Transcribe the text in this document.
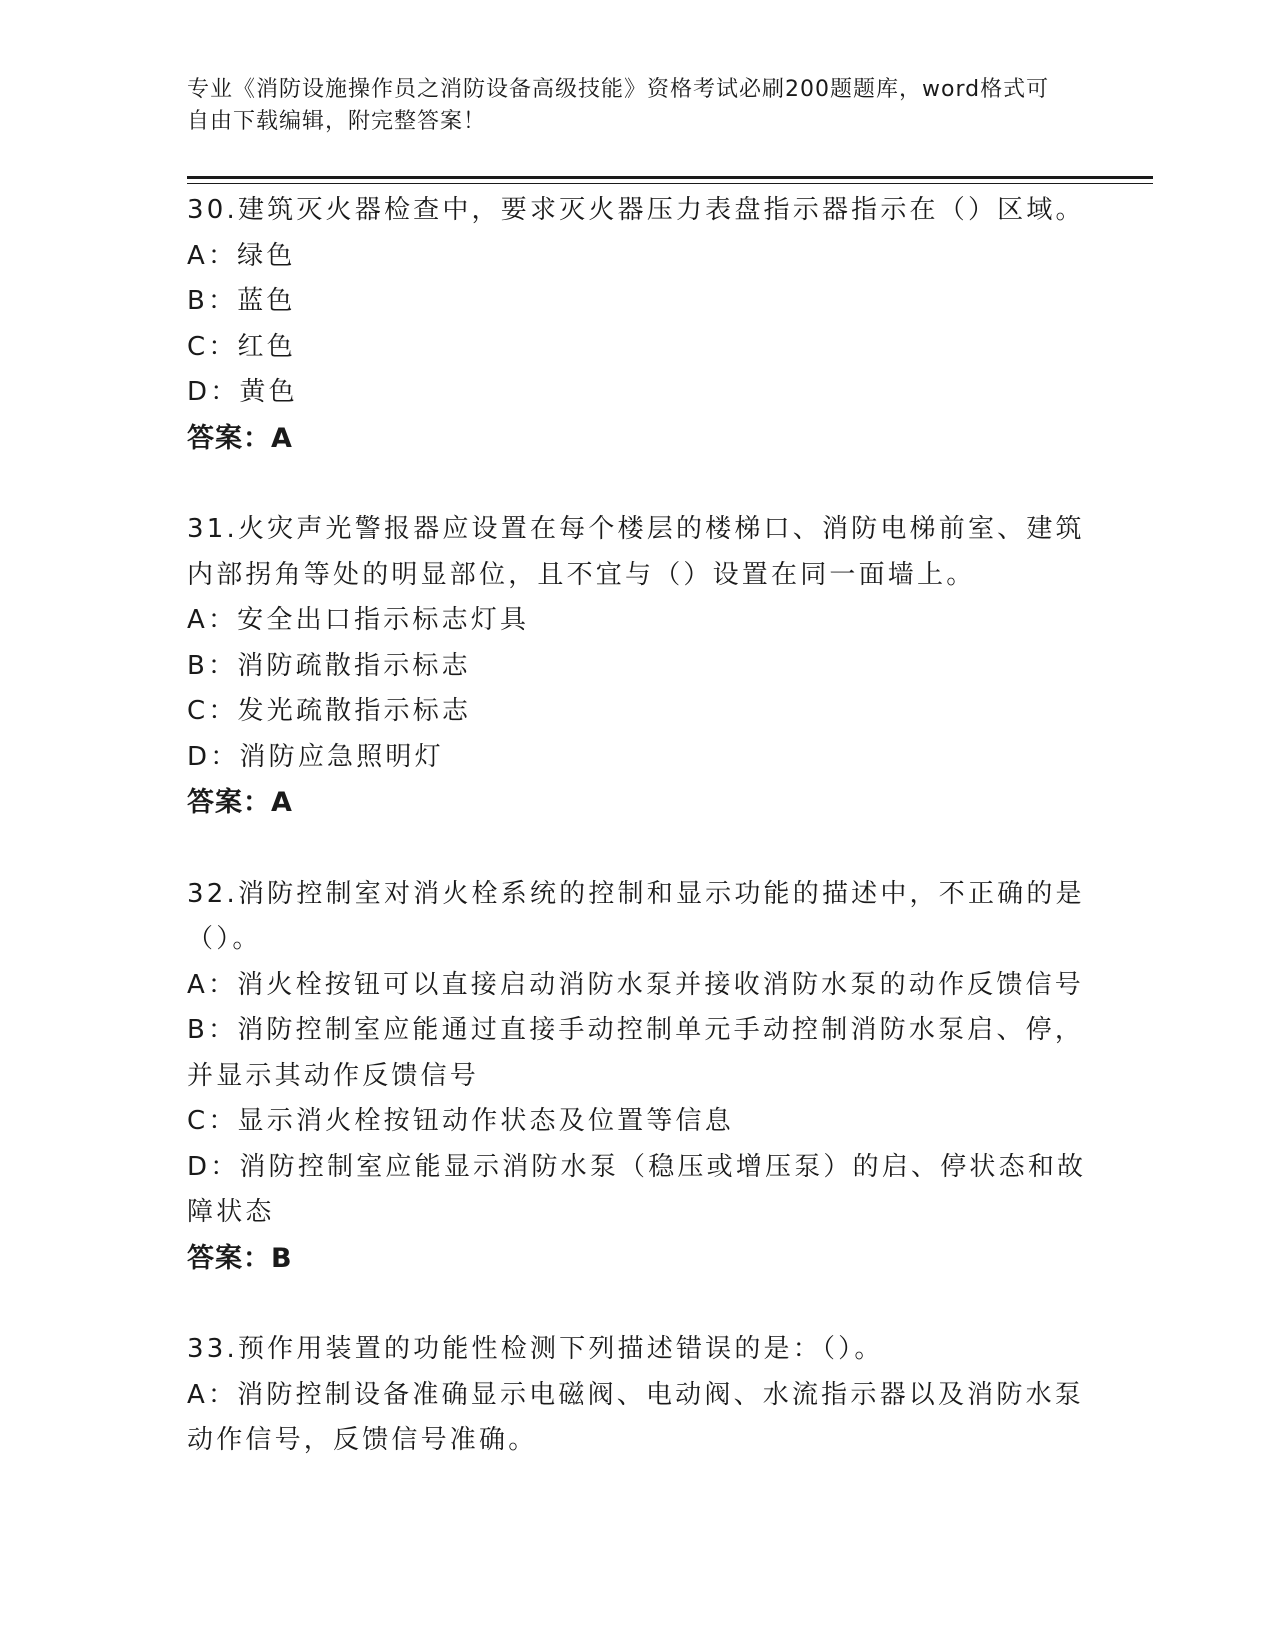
专业《消防设施操作员之消防设备高级技能》资格考试必刷200题题库，word格式可自由下载编辑，附完整答案！

30.建筑灭火器检查中，要求灭火器压力表盘指示器指示在（）区域。

A：绿色

B：蓝色

C：红色

D：黄色

答案：A

31.火灾声光警报器应设置在每个楼层的楼梯口、消防电梯前室、建筑内部拐角等处的明显部位，且不宜与（）设置在同一面墙上。

A：安全出口指示标志灯具

B：消防疏散指示标志

C：发光疏散指示标志

D：消防应急照明灯

答案：A

32.消防控制室对消火栓系统的控制和显示功能的描述中，不正确的是（）。

A：消火栓按钮可以直接启动消防水泵并接收消防水泵的动作反馈信号

B：消防控制室应能通过直接手动控制单元手动控制消防水泵启、停，并显示其动作反馈信号

C：显示消火栓按钮动作状态及位置等信息

D：消防控制室应能显示消防水泵（稳压或增压泵）的启、停状态和故障状态

答案：B

33.预作用装置的功能性检测下列描述错误的是：（）。

A：消防控制设备准确显示电磁阀、电动阀、水流指示器以及消防水泵动作信号，反馈信号准确。
